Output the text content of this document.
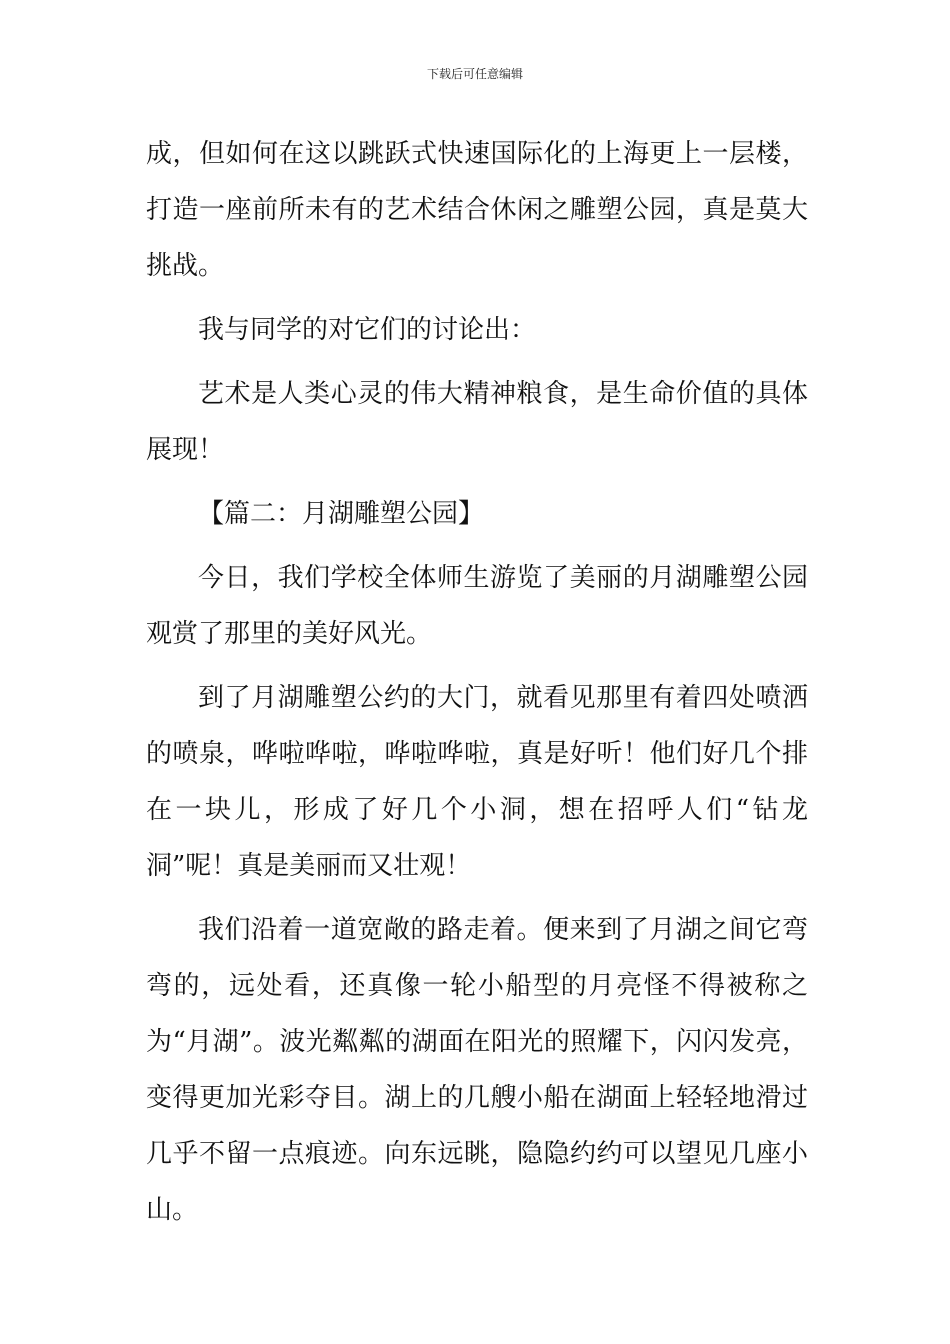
下载后可任意编辑

成，但如何在这以跳跃式快速国际化的上海更上一层楼，打造一座前所未有的艺术结合休闲之雕塑公园，真是莫大挑战。

我与同学的对它们的讨论出：

艺术是人类心灵的伟大精神粮食，是生命价值的具体展现！

【篇二：月湖雕塑公园】

今日，我们学校全体师生游览了美丽的月湖雕塑公园观赏了那里的美好风光。

到了月湖雕塑公约的大门，就看见那里有着四处喷洒的喷泉，哗啦哗啦，哗啦哗啦，真是好听！他们好几个排在一块儿，形成了好几个小洞，想在招呼人们“钻龙洞”呢！真是美丽而又壮观！

我们沿着一道宽敞的路走着。便来到了月湖之间它弯弯的，远处看，还真像一轮小船型的月亮怪不得被称之为“月湖”。波光粼粼的湖面在阳光的照耀下，闪闪发亮，变得更加光彩夺目。湖上的几艘小船在湖面上轻轻地滑过几乎不留一点痕迹。向东远眺，隐隐约约可以望见几座小山。
